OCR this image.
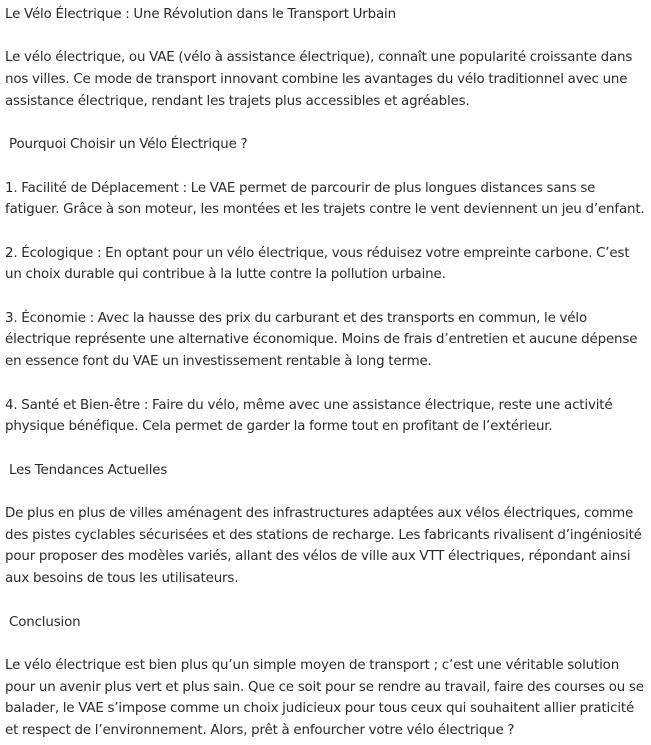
Le Vélo Électrique : Une Révolution dans le Transport Urbain

Le vélo électrique, ou VAE (vélo à assistance électrique), connaît une popularité croissante dans nos villes. Ce mode de transport innovant combine les avantages du vélo traditionnel avec une assistance électrique, rendant les trajets plus accessibles et agréables.

Pourquoi Choisir un Vélo Électrique ?

1. Facilité de Déplacement : Le VAE permet de parcourir de plus longues distances sans se fatiguer. Grâce à son moteur, les montées et les trajets contre le vent deviennent un jeu d’enfant.

2. Écologique : En optant pour un vélo électrique, vous réduisez votre empreinte carbone. C’est un choix durable qui contribue à la lutte contre la pollution urbaine.

3. Économie : Avec la hausse des prix du carburant et des transports en commun, le vélo électrique représente une alternative économique. Moins de frais d’entretien et aucune dépense en essence font du VAE un investissement rentable à long terme.

4. Santé et Bien-être : Faire du vélo, même avec une assistance électrique, reste une activité physique bénéfique. Cela permet de garder la forme tout en profitant de l’extérieur.

Les Tendances Actuelles

De plus en plus de villes aménagent des infrastructures adaptées aux vélos électriques, comme des pistes cyclables sécurisées et des stations de recharge. Les fabricants rivalisent d’ingéniosité pour proposer des modèles variés, allant des vélos de ville aux VTT électriques, répondant ainsi aux besoins de tous les utilisateurs.

Conclusion

Le vélo électrique est bien plus qu’un simple moyen de transport ; c’est une véritable solution pour un avenir plus vert et plus sain. Que ce soit pour se rendre au travail, faire des courses ou se balader, le VAE s’impose comme un choix judicieux pour tous ceux qui souhaitent allier praticité et respect de l’environnement. Alors, prêt à enfourcher votre vélo électrique ?
